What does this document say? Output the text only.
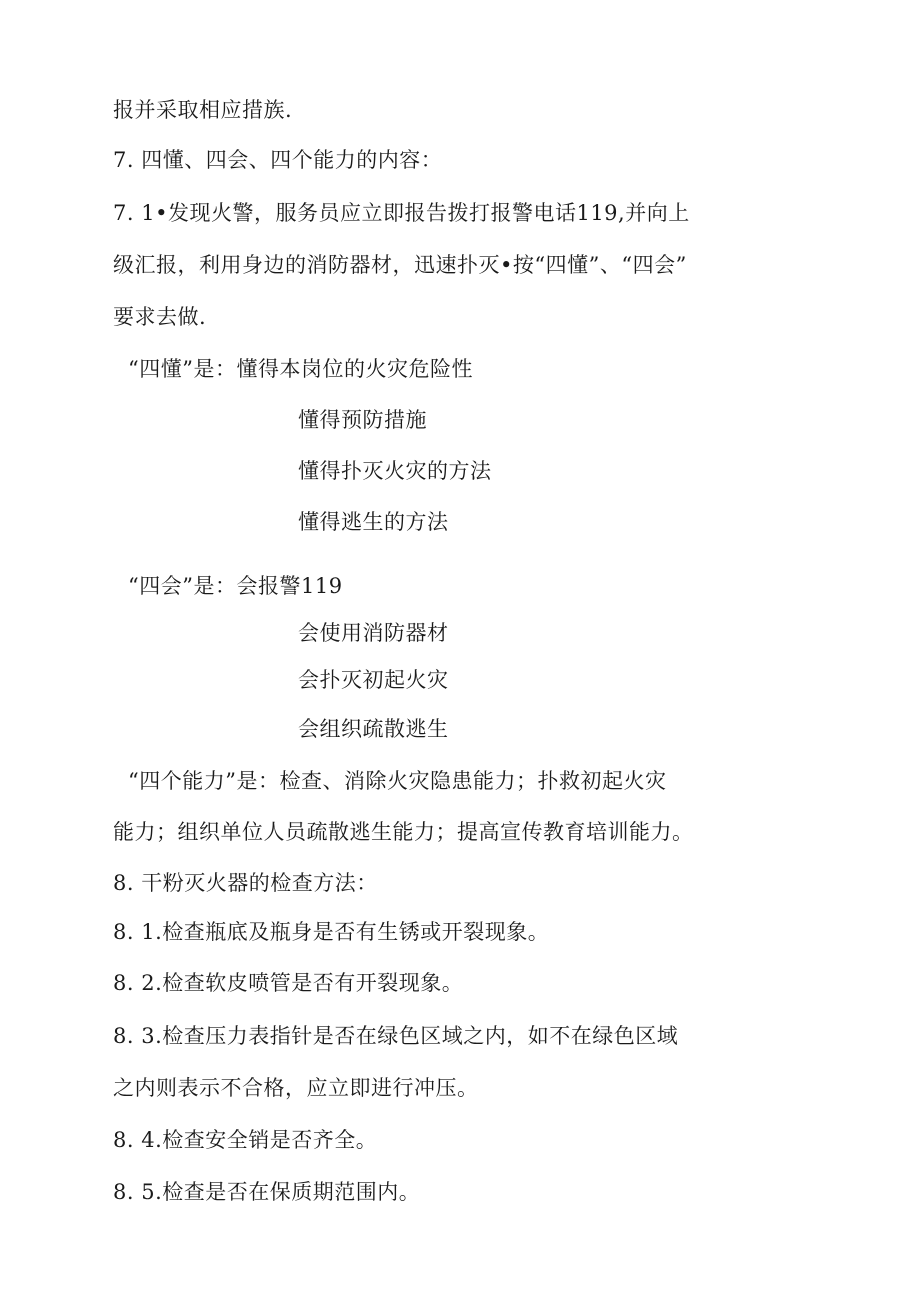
报并采取相应措族.
7. 四懂、四会、四个能力的内容：
7. 1•发现火警，服务员应立即报告拨打报警电话119,并向上
级汇报，利用身边的消防器材，迅速扑灭•按“四懂”、“四会”
要求去做.
“四懂”是：懂得本岗位的火灾危险性
懂得预防措施
懂得扑灭火灾的方法
懂得逃生的方法
“四会”是：会报警119
会使用消防器材
会扑灭初起火灾
会组织疏散逃生
“四个能力”是：检查、消除火灾隐患能力；扑救初起火灾
能力；组织单位人员疏散逃生能力；提高宣传教育培训能力。
8. 干粉灭火器的检查方法：
8. 1.检查瓶底及瓶身是否有生锈或开裂现象。
8. 2.检查软皮喷管是否有开裂现象。
8. 3.检查压力表指针是否在绿色区域之内，如不在绿色区域
之内则表示不合格，应立即进行冲压。
8. 4.检查安全销是否齐全。
8. 5.检查是否在保质期范围内。
